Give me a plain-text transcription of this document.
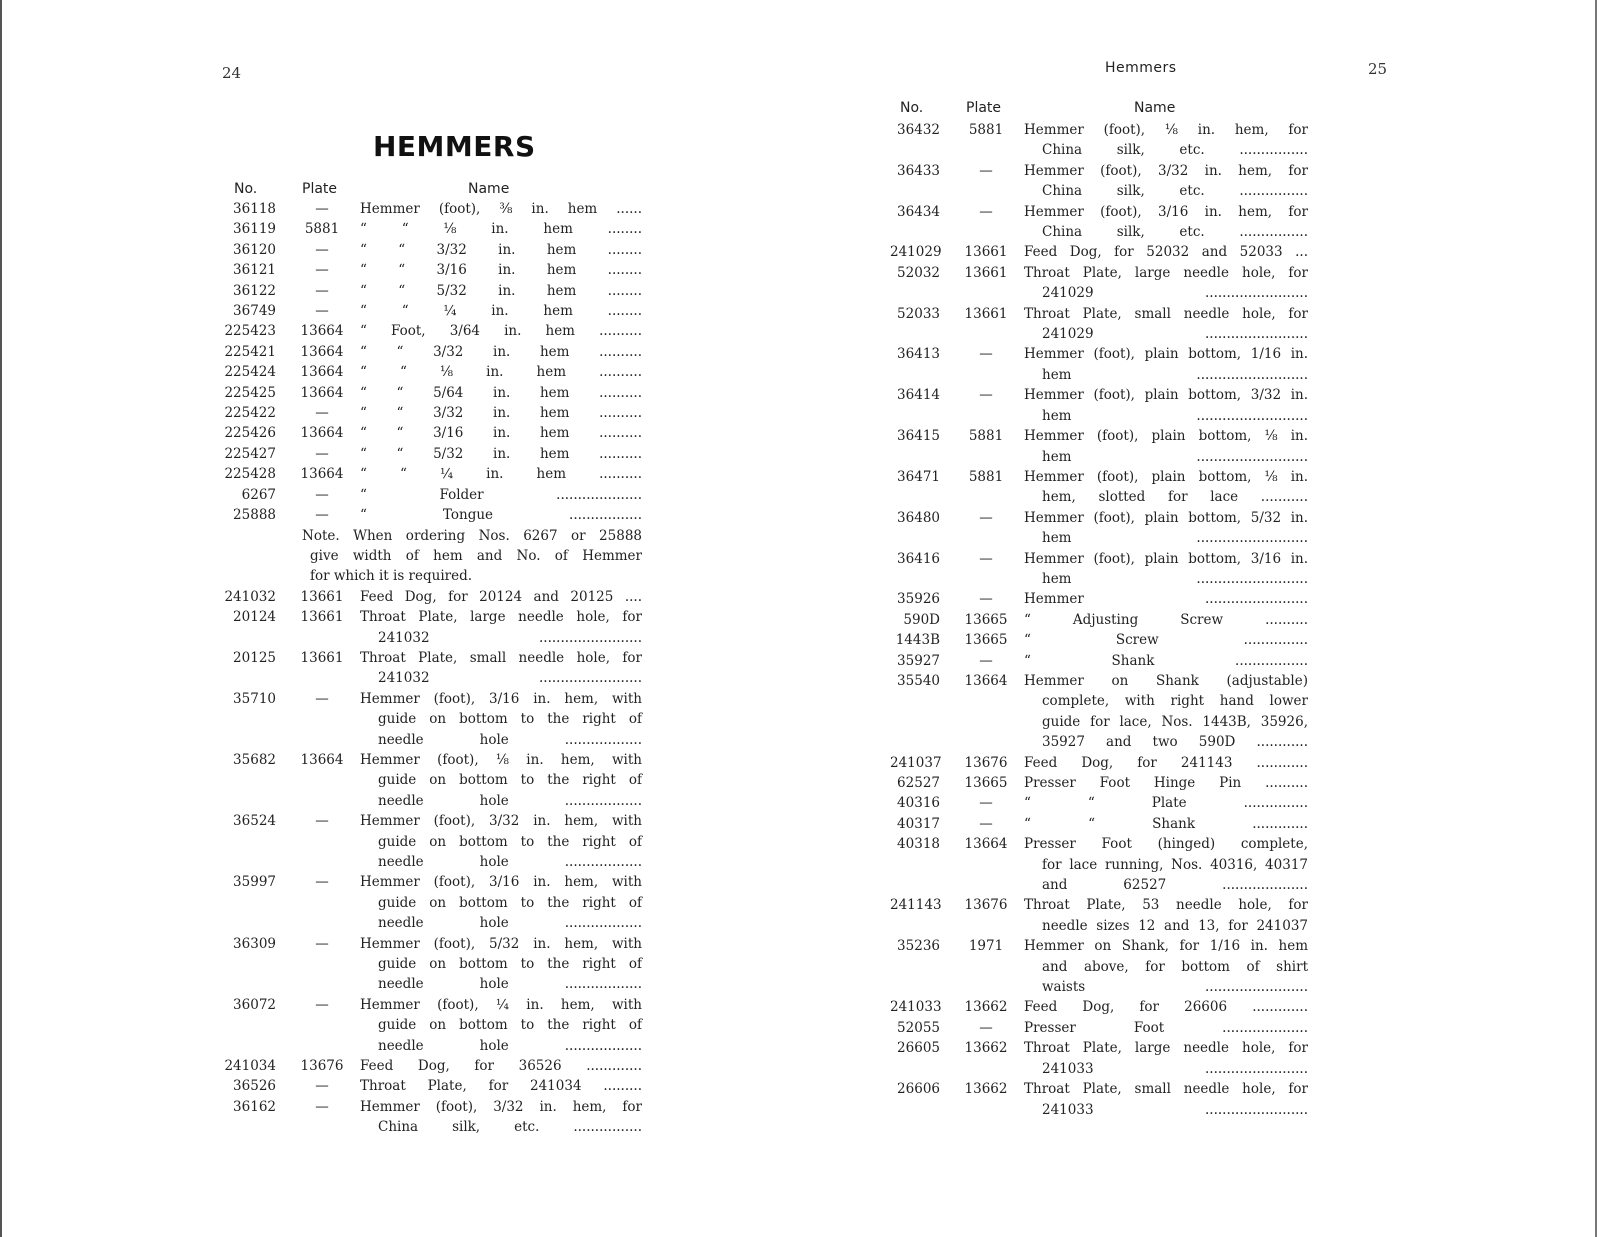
24
HEMMERS
No.	Plate	Name
36118	—	Hemmer (foot), ⅜ in. hem ......
36119	5881	“ “ ⅛ in. hem ........
36120	—	“ “ 3/32 in. hem ........
36121	—	“ “ 3/16 in. hem ........
36122	—	“ “ 5/32 in. hem ........
36749	—	“ “ ¼ in. hem ........
225423	13664	“ Foot, 3/64 in. hem ..........
225421	13664	“ “ 3/32 in. hem ..........
225424	13664	“ “ ⅛ in. hem ..........
225425	13664	“ “ 5/64 in. hem ..........
225422	—	“ “ 3/32 in. hem ..........
225426	13664	“ “ 3/16 in. hem ..........
225427	—	“ “ 5/32 in. hem ..........
225428	13664	“ “ ¼ in. hem ..........
6267	—	“ Folder ....................
25888	—	“ Tongue .................
Note. When ordering Nos. 6267 or 25888
give width of hem and No. of Hemmer
for which it is required.
241032	13661	Feed Dog, for 20124 and 20125 ....
20124	13661	Throat Plate, large needle hole, for
241032 ........................
20125	13661	Throat Plate, small needle hole, for
241032 ........................
35710	—	Hemmer (foot), 3/16 in. hem, with
guide on bottom to the right of
needle hole ..................
35682	13664	Hemmer (foot), ⅛ in. hem, with
guide on bottom to the right of
needle hole ..................
36524	—	Hemmer (foot), 3/32 in. hem, with
guide on bottom to the right of
needle hole ..................
35997	—	Hemmer (foot), 3/16 in. hem, with
guide on bottom to the right of
needle hole ..................
36309	—	Hemmer (foot), 5/32 in. hem, with
guide on bottom to the right of
needle hole ..................
36072	—	Hemmer (foot), ¼ in. hem, with
guide on bottom to the right of
needle hole ..................
241034	13676	Feed Dog, for 36526 .............
36526	—	Throat Plate, for 241034 .........
36162	—	Hemmer (foot), 3/32 in. hem, for
China silk, etc. ................
Hemmers	25
No.	Plate	Name
36432	5881	Hemmer (foot), ⅛ in. hem, for
China silk, etc. ................
36433	—	Hemmer (foot), 3/32 in. hem, for
China silk, etc. ................
36434	—	Hemmer (foot), 3/16 in. hem, for
China silk, etc. ................
241029	13661	Feed Dog, for 52032 and 52033 ...
52032	13661	Throat Plate, large needle hole, for
241029 ........................
52033	13661	Throat Plate, small needle hole, for
241029 ........................
36413	—	Hemmer (foot), plain bottom, 1/16 in.
hem ..........................
36414	—	Hemmer (foot), plain bottom, 3/32 in.
hem ..........................
36415	5881	Hemmer (foot), plain bottom, ⅛ in.
hem ..........................
36471	5881	Hemmer (foot), plain bottom, ⅛ in.
hem, slotted for lace ...........
36480	—	Hemmer (foot), plain bottom, 5/32 in.
hem ..........................
36416	—	Hemmer (foot), plain bottom, 3/16 in.
hem ..........................
35926	—	Hemmer ........................
590D	13665	“ Adjusting Screw ..........
1443B	13665	“ Screw ...............
35927	—	“ Shank .................
35540	13664	Hemmer on Shank (adjustable)
complete, with right hand lower
guide for lace, Nos. 1443B, 35926,
35927 and two 590D ............
241037	13676	Feed Dog, for 241143 ............
62527	13665	Presser Foot Hinge Pin ..........
40316	—	“ “ Plate ...............
40317	—	“ “ Shank .............
40318	13664	Presser Foot (hinged) complete,
for lace running, Nos. 40316, 40317
and 62527 ....................
241143	13676	Throat Plate, 53 needle hole, for
needle sizes 12 and 13, for 241037
35236	1971	Hemmer on Shank, for 1/16 in. hem
and above, for bottom of shirt
waists ........................
241033	13662	Feed Dog, for 26606 .............
52055	—	Presser Foot ....................
26605	13662	Throat Plate, large needle hole, for
241033 ........................
26606	13662	Throat Plate, small needle hole, for
241033 ........................
